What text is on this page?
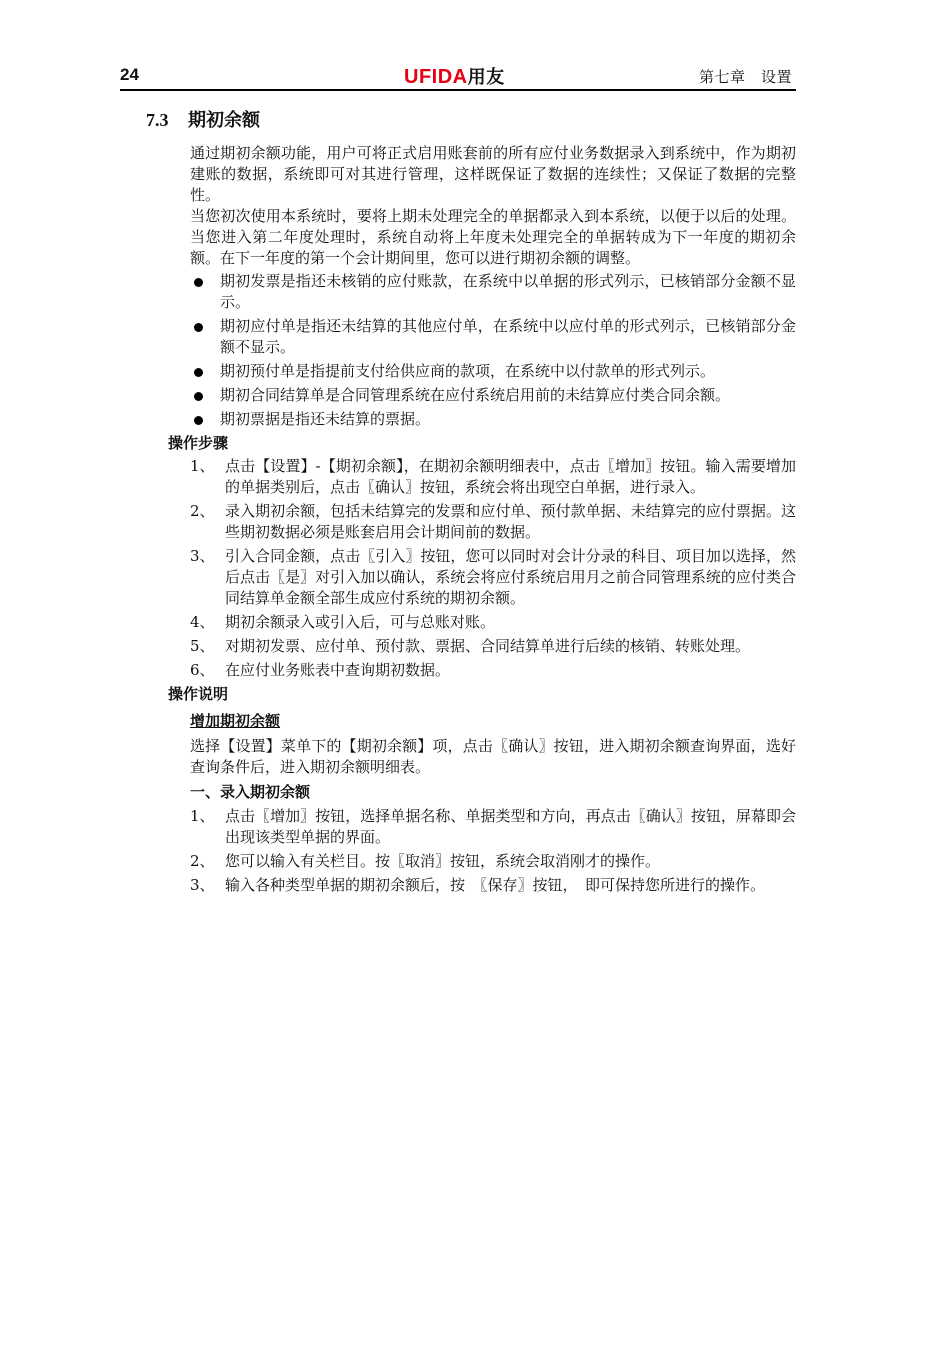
24	UFIDA用友	第七章　设置
7.3 期初余额

通过期初余额功能，用户可将正式启用账套前的所有应付业务数据录入到系统中，作为期初建账的数据，系统即可对其进行管理，这样既保证了数据的连续性；又保证了数据的完整性。

当您初次使用本系统时，要将上期未处理完全的单据都录入到本系统，以便于以后的处理。当您进入第二年度处理时，系统自动将上年度未处理完全的单据转成为下一年度的期初余额。在下一年度的第一个会计期间里，您可以进行期初余额的调整。

期初发票是指还未核销的应付账款，在系统中以单据的形式列示，已核销部分金额不显示。
期初应付单是指还未结算的其他应付单，在系统中以应付单的形式列示，已核销部分金额不显示。
期初预付单是指提前支付给供应商的款项，在系统中以付款单的形式列示。
期初合同结算单是合同管理系统在应付系统启用前的未结算应付类合同余额。
期初票据是指还未结算的票据。
操作步骤
1、 点击【设置】-【期初余额】，在期初余额明细表中，点击〖增加〗按钮。输入需要增加的单据类别后，点击〖确认〗按钮，系统会将出现空白单据，进行录入。
2、 录入期初余额，包括未结算完的发票和应付单、预付款单据、未结算完的应付票据。这些期初数据必须是账套启用会计期间前的数据。
3、 引入合同金额，点击〖引入〗按钮，您可以同时对会计分录的科目、项目加以选择，然后点击〖是〗对引入加以确认，系统会将应付系统启用月之前合同管理系统的应付类合同结算单金额全部生成应付系统的期初余额。
4、 期初余额录入或引入后，可与总账对账。
5、 对期初发票、应付单、预付款、票据、合同结算单进行后续的核销、转账处理。
6、 在应付业务账表中查询期初数据。
操作说明
增加期初余额

选择【设置】菜单下的【期初余额】项，点击〖确认〗按钮，进入期初余额查询界面，选好查询条件后，进入期初余额明细表。

一、录入期初余额
1、 点击〖增加〗按钮，选择单据名称、单据类型和方向，再点击〖确认〗按钮，屏幕即会出现该类型单据的界面。
2、 您可以输入有关栏目。按〖取消〗按钮，系统会取消刚才的操作。
3、 输入各种类型单据的期初余额后，按　〖保存〗按钮，　即可保持您所进行的操作。
